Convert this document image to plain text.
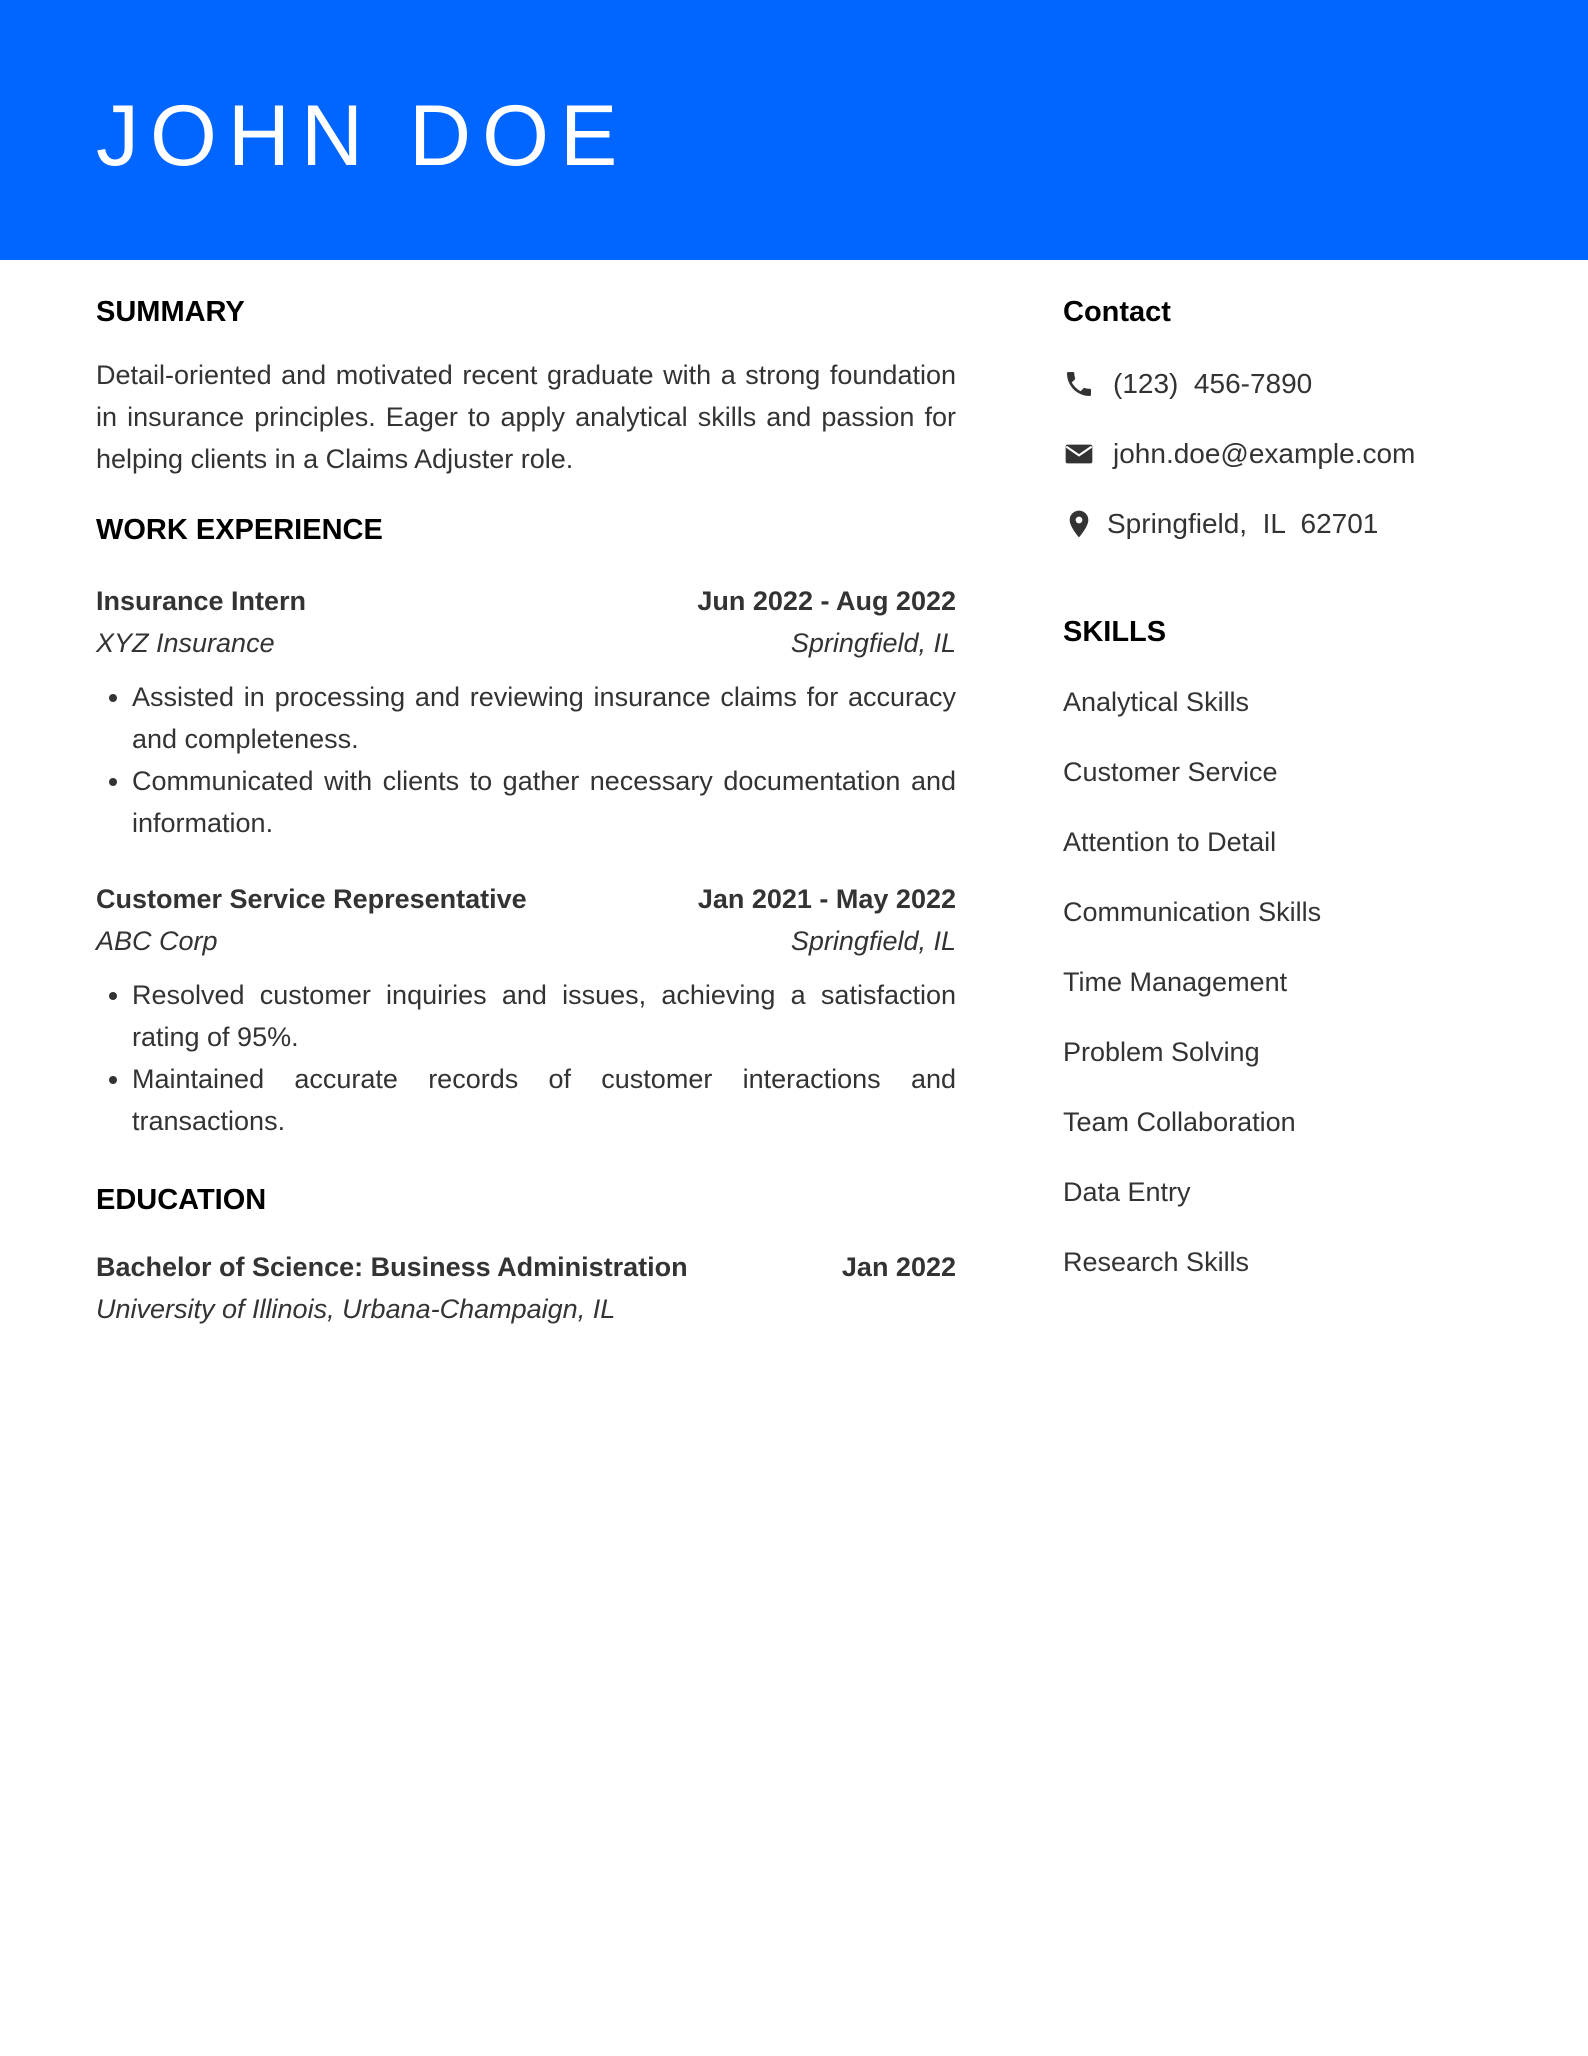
JOHN DOE
SUMMARY

Detail-oriented and motivated recent graduate with a strong foundation in insurance principles. Eager to apply analytical skills and passion for helping clients in a Claims Adjuster role.

WORK EXPERIENCE
Insurance Intern	Jun 2022 - Aug 2022
XYZ Insurance	Springfield, IL
• Assisted in processing and reviewing insurance claims for accuracy and completeness.
• Communicated with clients to gather necessary documentation and information.
Customer Service Representative	Jan 2021 - May 2022
ABC Corp	Springfield, IL
• Resolved customer inquiries and issues, achieving a satisfaction rating of 95%.
• Maintained accurate records of customer interactions and transactions.
EDUCATION
Bachelor of Science: Business Administration	Jan 2022
University of Illinois, Urbana-Champaign, IL
Contact
(123)  456-7890
john.doe@example.com
Springfield,  IL  62701
SKILLS
Analytical Skills
Customer Service
Attention to Detail
Communication Skills
Time Management
Problem Solving
Team Collaboration
Data Entry
Research Skills
